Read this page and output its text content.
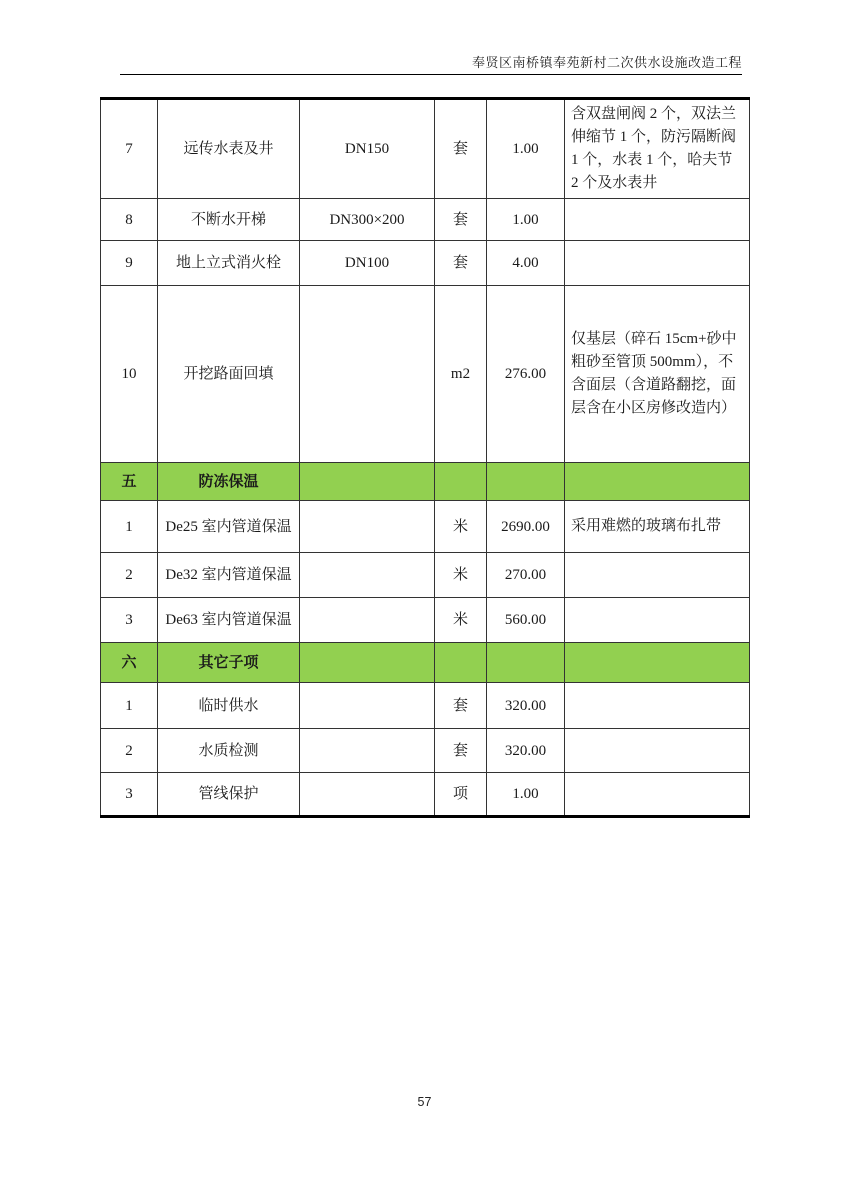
奉贤区南桥镇奉苑新村二次供水设施改造工程
7	远传水表及井	DN150	套	1.00	含双盘闸阀 2 个，双法兰伸缩节 1 个，防污隔断阀 1 个，水表 1 个，哈夫节 2 个及水表井
8	不断水开梯	DN300×200	套	1.00	
9	地上立式消火栓	DN100	套	4.00	
10	开挖路面回填		m2	276.00	仅基层（碎石 15cm+砂中粗砂至管顶 500mm），不含面层（含道路翻挖，面层含在小区房修改造内）
五	防冻保温				
1	De25 室内管道保温		米	2690.00	采用难燃的玻璃布扎带
2	De32 室内管道保温		米	270.00	
3	De63 室内管道保温		米	560.00	
六	其它子项				
1	临时供水		套	320.00	
2	水质检测		套	320.00	
3	管线保护		项	1.00	
57
